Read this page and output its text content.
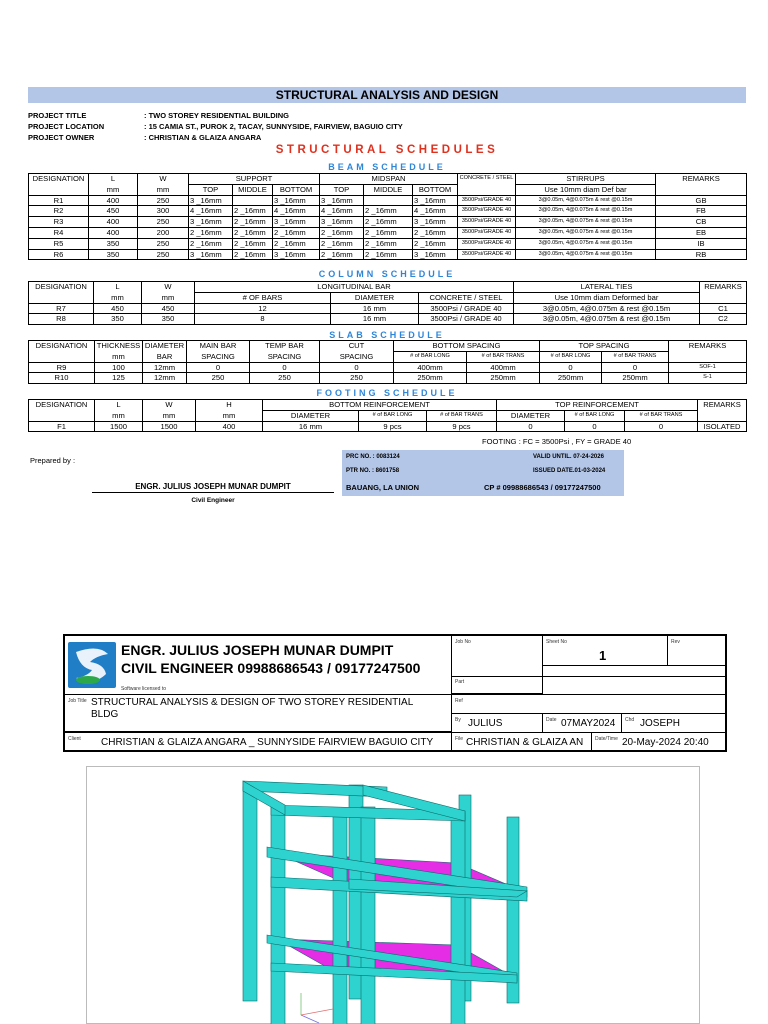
STRUCTURAL ANALYSIS AND DESIGN
PROJECT TITLE	: TWO STOREY RESIDENTIAL BUILDING
PROJECT LOCATION	: 15 CAMIA ST., PUROK 2, TACAY, SUNNYSIDE, FAIRVIEW, BAGUIO CITY
PROJECT OWNER	: CHRISTIAN & GLAIZA ANGARA
STRUCTURAL SCHEDULES
BEAM SCHEDULE
DESIGNATION	L	W	SUPPORT			MIDSPAN			CONCRETE / STEEL	STIRRUPS	REMARKS
	mm	mm	TOP	MIDDLE	BOTTOM	TOP	MIDDLE	BOTTOM		Use 10mm diam Def bar	
R1	400	250	3 _16mm		3 _16mm	3 _16mm		3 _16mm	3500Psi/GRADE 40	3@0.05m, 4@0.075m & rest @0.15m	GB
R2	450	300	4 _16mm	2 _16mm	4 _16mm	4 _16mm	2 _16mm	4 _16mm	3500Psi/GRADE 40	3@0.05m, 4@0.075m & rest @0.15m	FB
R3	400	250	3 _16mm	2 _16mm	3 _16mm	3 _16mm	2 _16mm	3 _16mm	3500Psi/GRADE 40	3@0.05m, 4@0.075m & rest @0.15m	CB
R4	400	200	2 _16mm	2 _16mm	2 _16mm	2 _16mm	2 _16mm	2 _16mm	3500Psi/GRADE 40	3@0.05m, 4@0.075m & rest @0.15m	EB
R5	350	250	2 _16mm	2 _16mm	2 _16mm	2 _16mm	2 _16mm	2 _16mm	3500Psi/GRADE 40	3@0.05m, 4@0.075m & rest @0.15m	IB
R6	350	250	3 _16mm	2 _16mm	3 _16mm	2 _16mm	2 _16mm	3 _16mm	3500Psi/GRADE 40	3@0.05m, 4@0.075m & rest @0.15m	RB
COLUMN SCHEDULE
DESIGNATION	L	W	LONGITUDINAL BAR			LATERAL TIES	REMARKS
	mm	mm	# OF BARS	DIAMETER	CONCRETE / STEEL	Use 10mm diam Deformed bar	
R7	450	450	12	16 mm	3500Psi / GRADE 40	3@0.05m, 4@0.075m & rest @0.15m	C1
R8	350	350	8	16 mm	3500Psi / GRADE 40	3@0.05m, 4@0.075m & rest @0.15m	C2
SLAB SCHEDULE
DESIGNATION	THICKNESS	DIAMETER	MAIN BAR	TEMP BAR	CUT	BOTTOM SPACING		TOP SPACING		REMARKS
	mm	BAR	SPACING	SPACING	SPACING	# of BAR LONG	# of BAR TRANS	# of BAR LONG	# of BAR TRANS	
R9	100	12mm	0	0	0	400mm	400mm	0	0	SOF-1
R10	125	12mm	250	250	250	250mm	250mm	250mm	250mm	S-1
FOOTING SCHEDULE
DESIGNATION	L	W	H	BOTTOM REINFORCEMENT			TOP REINFORCEMENT			REMARKS
	mm	mm	mm	DIAMETER	# of BAR LONG	# of BAR TRANS	DIAMETER	# of BAR LONG	# of BAR TRANS	
F1	1500	1500	400	16 mm	9 pcs	9 pcs	0	0	0	ISOLATED
FOOTING : FC = 3500Psi , FY = GRADE 40
Prepared by :
ENGR. JULIUS JOSEPH MUNAR DUMPIT
Civil Engineer
PRC NO. : 0083124	VALID UNTIL. 07-24-2026
PTR NO. : 8601758	ISSUED DATE.01-03-2024
BAUANG, LA UNION	CP # 09988686543 / 09177247500
ENGR. JULIUS JOSEPH MUNAR DUMPIT
CIVIL ENGINEER 09988686543 / 09177247500
Software licensed to
Job No	Sheet No
1
Rev
Part
Job Title STRUCTURAL ANALYSIS & DESIGN OF TWO STOREY RESIDENTIAL BLDG
Ref
By JULIUS	Date 07MAY2024 Chd JOSEPH
Client CHRISTIAN & GLAIZA ANGARA _ SUNNYSIDE FAIRVIEW BAGUIO CITY	File CHRISTIAN & GLAIZA AN Date/Time 20-May-2024 20:40
